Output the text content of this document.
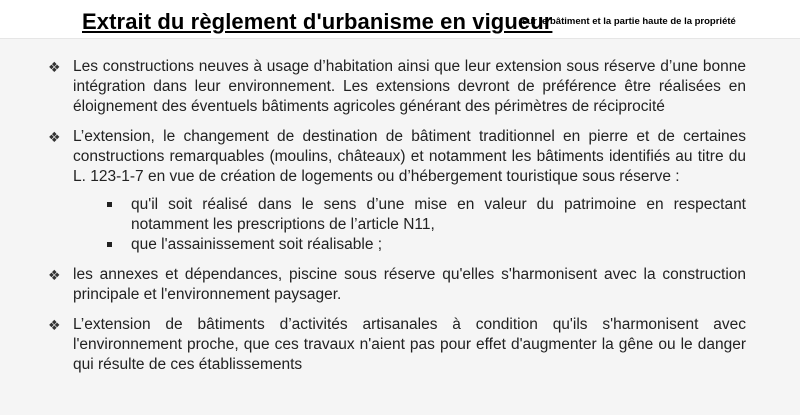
Extrait du règlement d'urbanisme en vigueur
sur le bâtiment et la partie haute de la propriété
❖ Les constructions neuves à usage d’habitation ainsi que leur extension sous réserve d’une bonne intégration dans leur environnement. Les extensions devront de préférence être réalisées en éloignement des éventuels bâtiments agricoles générant des périmètres de réciprocité
❖ L’extension, le changement de destination de bâtiment traditionnel en pierre et de certaines constructions remarquables (moulins, châteaux) et notamment les bâtiments identifiés au titre du L. 123-1-7 en vue de création de logements ou d’hébergement touristique sous réserve :
qu'il soit réalisé dans le sens d’une mise en valeur du patrimoine en respectant notamment les prescriptions de l’article N11,
que l'assainissement soit réalisable ;
❖ les annexes et dépendances, piscine sous réserve qu'elles s'harmonisent avec la construction principale et l'environnement paysager.
❖ L’extension de bâtiments d’activités artisanales à condition qu'ils s'harmonisent avec l'environnement proche, que ces travaux n'aient pas pour effet d'augmenter la gêne ou le danger qui résulte de ces établissements
